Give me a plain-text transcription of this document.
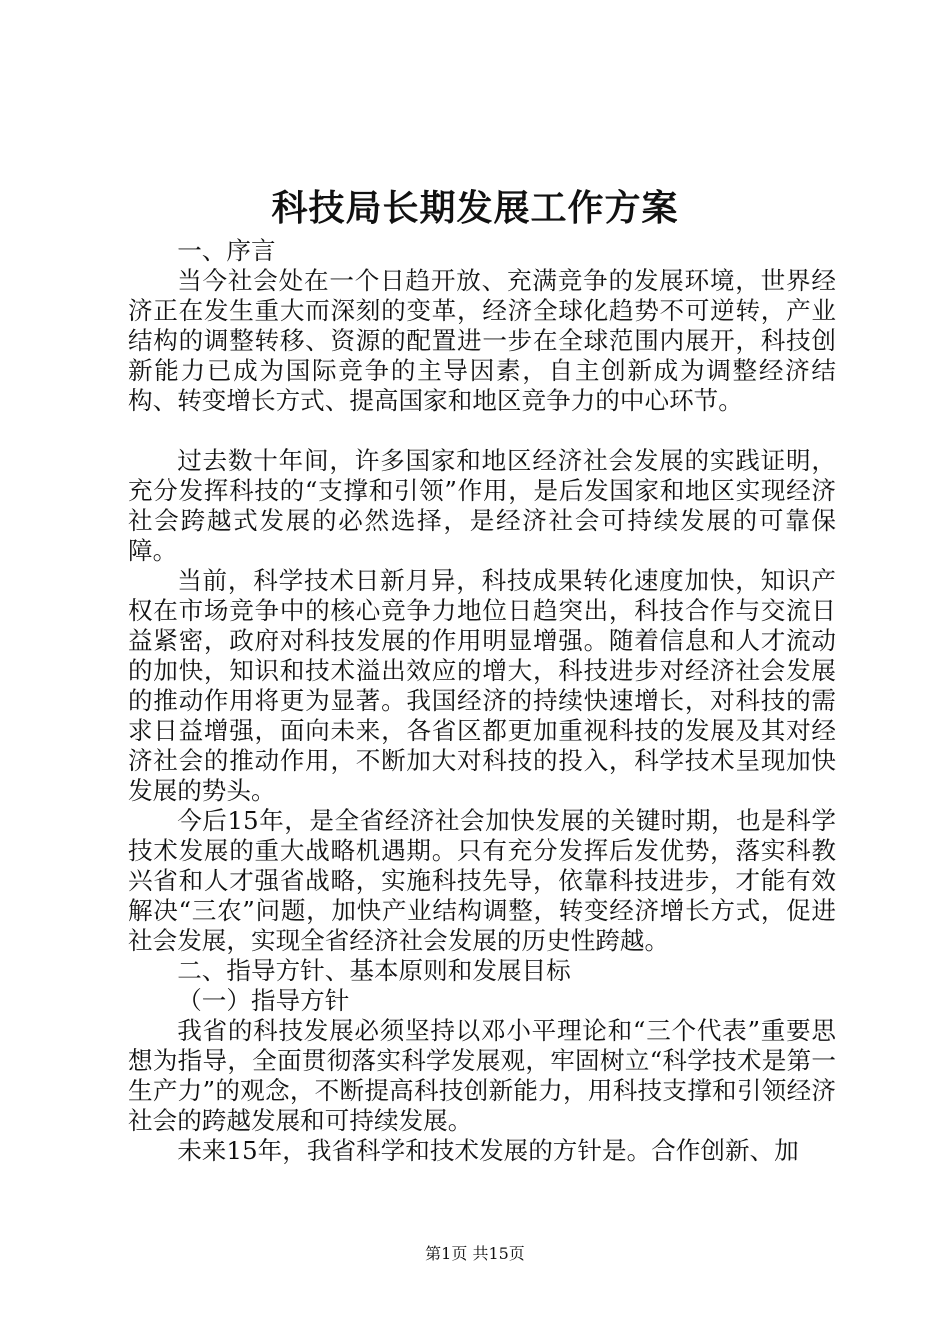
科技局长期发展工作方案

一、序言

当今社会处在一个日趋开放、充满竞争的发展环境，世界经济正在发生重大而深刻的变革，经济全球化趋势不可逆转，产业结构的调整转移、资源的配置进一步在全球范围内展开，科技创新能力已成为国际竞争的主导因素，自主创新成为调整经济结构、转变增长方式、提高国家和地区竞争力的中心环节。

过去数十年间，许多国家和地区经济社会发展的实践证明，充分发挥科技的“支撑和引领”作用，是后发国家和地区实现经济社会跨越式发展的必然选择，是经济社会可持续发展的可靠保障。

当前，科学技术日新月异，科技成果转化速度加快，知识产权在市场竞争中的核心竞争力地位日趋突出，科技合作与交流日益紧密，政府对科技发展的作用明显增强。随着信息和人才流动的加快，知识和技术溢出效应的增大，科技进步对经济社会发展的推动作用将更为显著。我国经济的持续快速增长，对科技的需求日益增强，面向未来，各省区都更加重视科技的发展及其对经济社会的推动作用，不断加大对科技的投入，科学技术呈现加快发展的势头。

今后15年，是全省经济社会加快发展的关键时期，也是科学技术发展的重大战略机遇期。只有充分发挥后发优势，落实科教兴省和人才强省战略，实施科技先导，依靠科技进步，才能有效解决“三农”问题，加快产业结构调整，转变经济增长方式，促进社会发展，实现全省经济社会发展的历史性跨越。

二、指导方针、基本原则和发展目标

（一）指导方针

我省的科技发展必须坚持以邓小平理论和“三个代表”重要思想为指导，全面贯彻落实科学发展观，牢固树立“科学技术是第一生产力”的观念，不断提高科技创新能力，用科技支撑和引领经济社会的跨越发展和可持续发展。

未来15年，我省科学和技术发展的方针是。合作创新、加

第1页 共15页
